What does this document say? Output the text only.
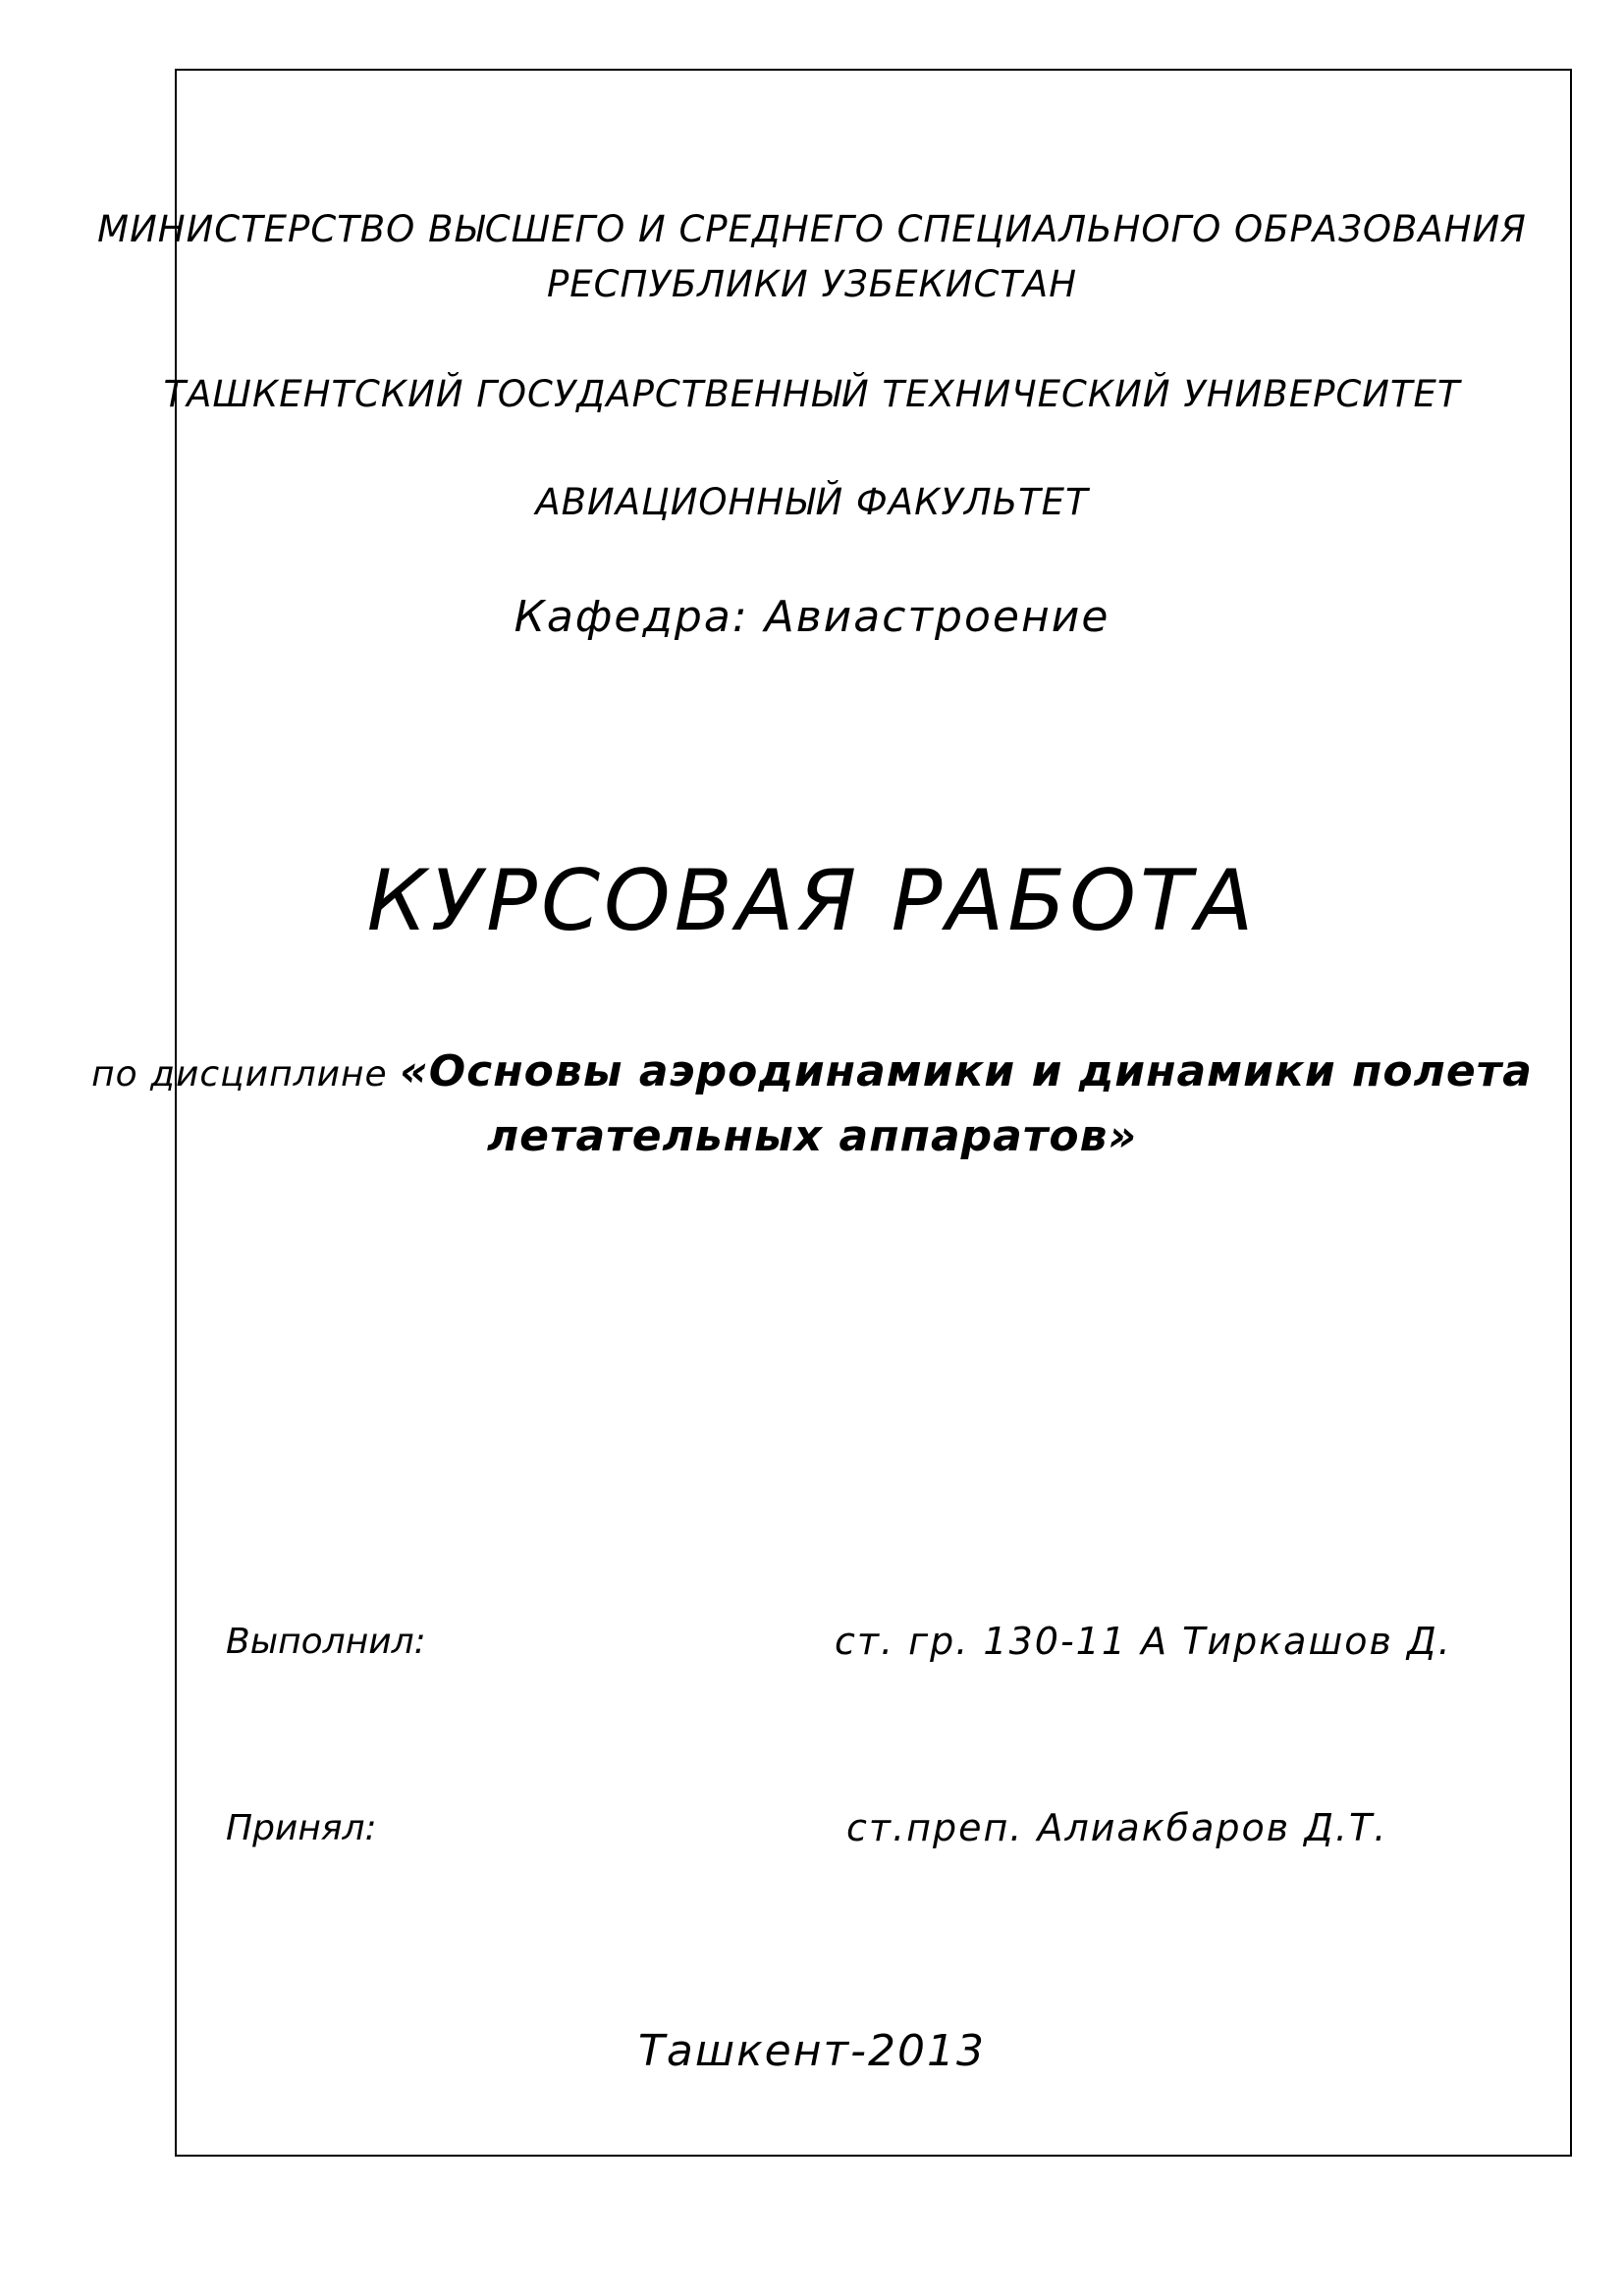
МИНИСТЕРСТВО ВЫСШЕГО И СРЕДНЕГО СПЕЦИАЛЬНОГО ОБРАЗОВАНИЯ
РЕСПУБЛИКИ УЗБЕКИСТАН
ТАШКЕНТСКИЙ ГОСУДАРСТВЕННЫЙ ТЕХНИЧЕСКИЙ УНИВЕРСИТЕТ
АВИАЦИОННЫЙ ФАКУЛЬТЕТ
Кафедра: Авиастроение
КУРСОВАЯ РАБОТА
по дисциплине «Основы аэродинамики и динамики полета
летательных аппаратов»
Выполнил:	ст. гр. 130-11 А Тиркашов Д.
Принял:	ст.преп. Алиакбаров Д.Т.
Ташкент-2013
